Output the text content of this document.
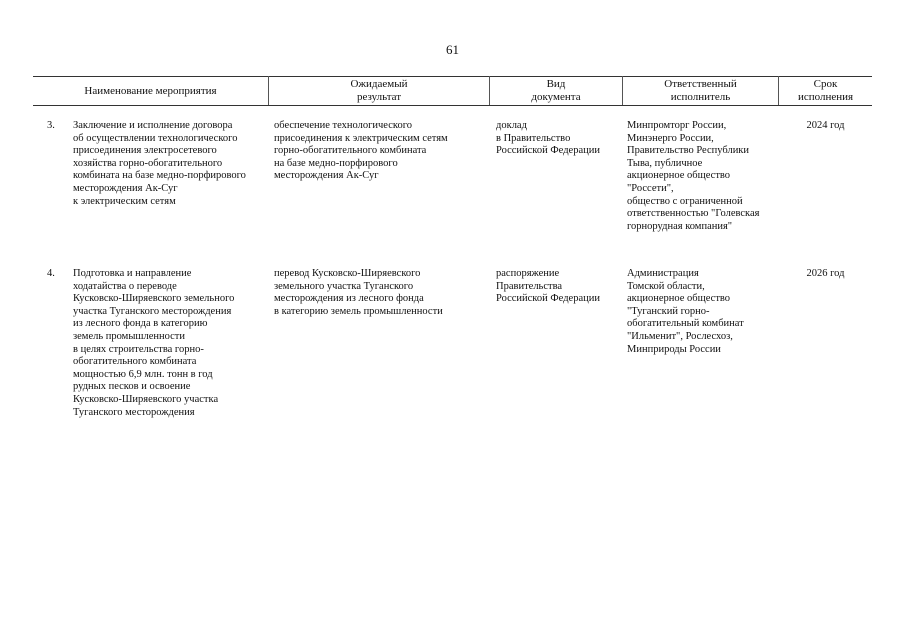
61
Наименование мероприятия
Ожидаемый
результат
Вид
документа
Ответственный
исполнитель
Срок
исполнения
3.	Заключение и исполнение договора
об осуществлении технологического
присоединения электросетевого
хозяйства горно-обогатительного
комбината на базе медно-порфирового
месторождения Ак-Суг
к электрическим сетям
обеспечение технологического
присоединения к электрическим сетям
горно-обогатительного комбината
на базе медно-порфирового
месторождения Ак-Суг
доклад
в Правительство
Российской Федерации
Минпромторг России,
Минэнерго России,
Правительство Республики
Тыва, публичное
акционерное общество
"Россети",
общество с ограниченной
ответственностью "Голевская
горнорудная компания"
2024 год
4.	Подготовка и направление
ходатайства о переводе
Кусковско-Ширяевского земельного
участка Туганского месторождения
из лесного фонда в категорию
земель промышленности
в целях строительства горно-
обогатительного комбината
мощностью 6,9 млн. тонн в год
рудных песков и освоение
Кусковско-Ширяевского участка
Туганского месторождения
перевод Кусковско-Ширяевского
земельного участка Туганского
месторождения из лесного фонда
в категорию земель промышленности
распоряжение
Правительства
Российской Федерации
Администрация
Томской области,
акционерное общество
"Туганский горно-
обогатительный комбинат
"Ильменит", Рослесхоз,
Минприроды России
2026 год
